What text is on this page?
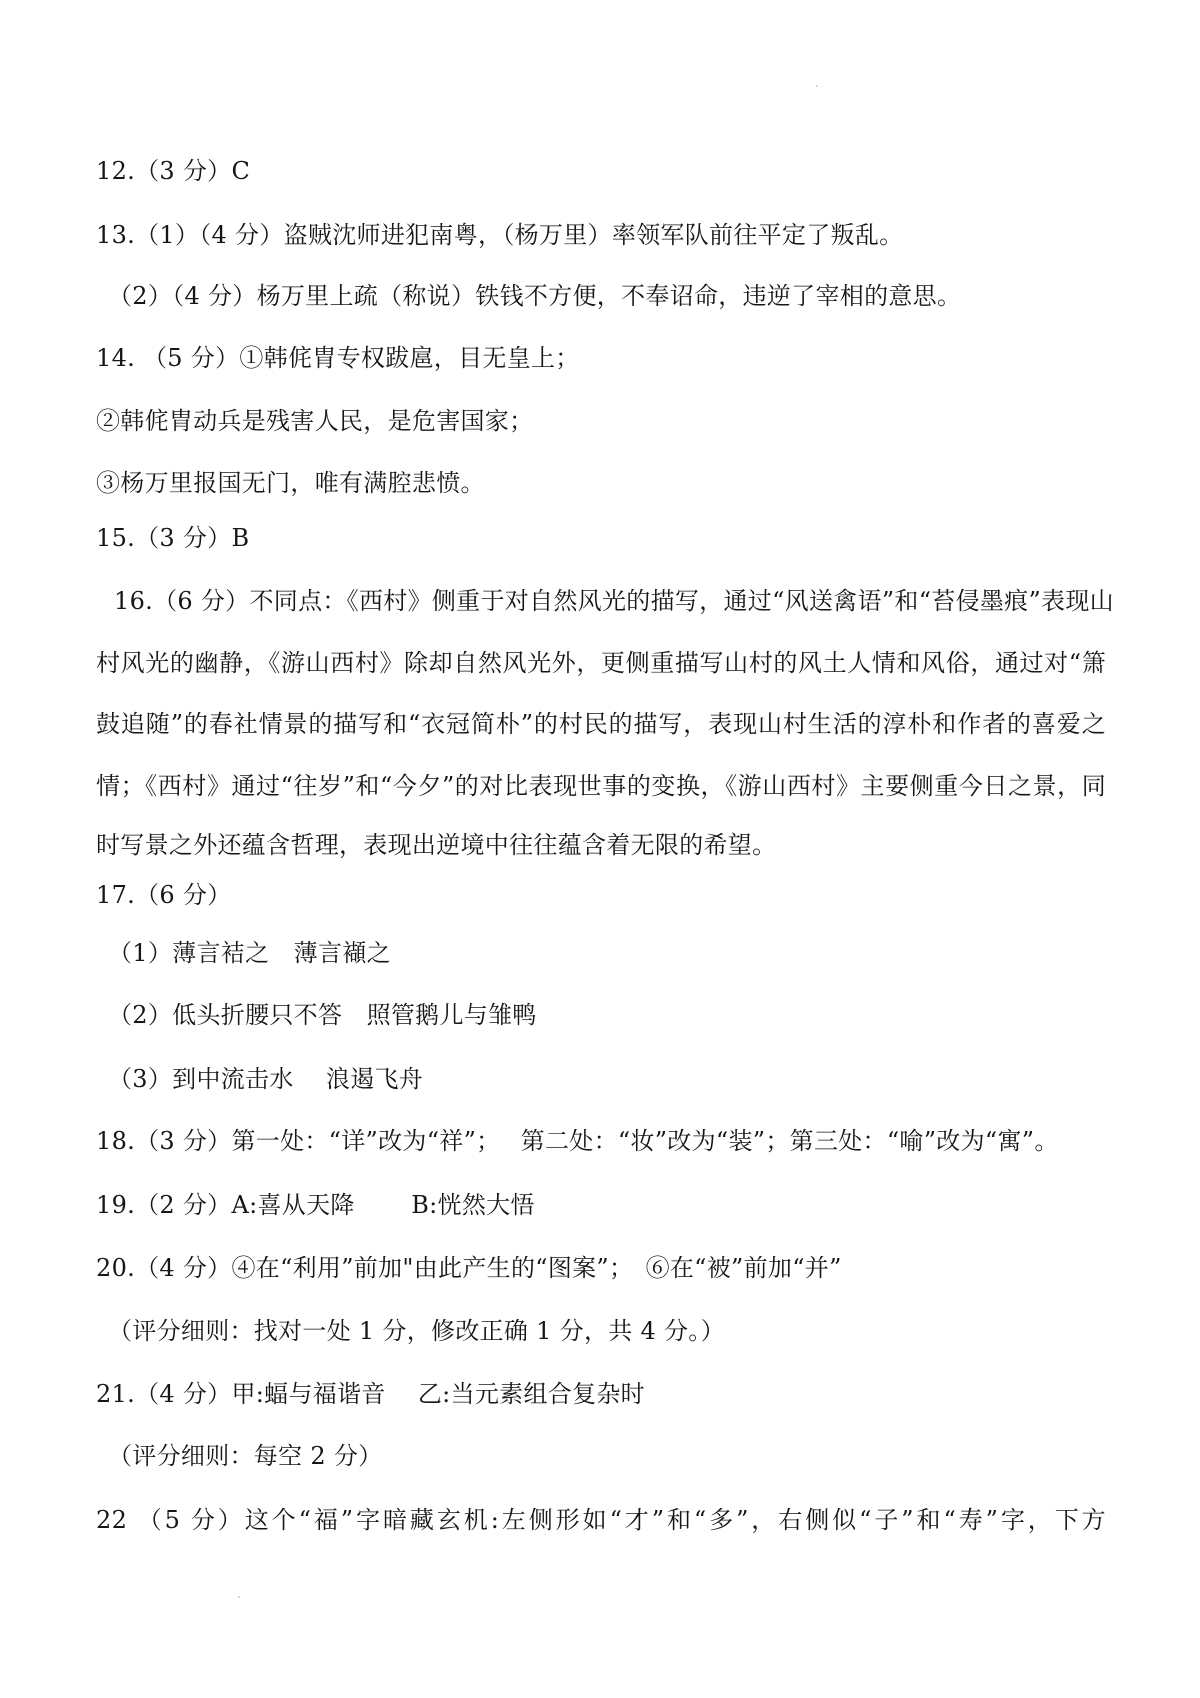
12.（3 分）C
13.（1）（4 分）盗贼沈师进犯南粤，（杨万里）率领军队前往平定了叛乱。
（2）（4 分）杨万里上疏（称说）铁钱不方便，不奉诏命，违逆了宰相的意思。
14. （5 分）①韩侂胄专权跋扈，目无皇上；
②韩侂胄动兵是残害人民，是危害国家；
③杨万里报国无门，唯有满腔悲愤。
15.（3 分）B
16.（6 分）不同点：《西村》侧重于对自然风光的描写，通过“风送禽语”和“苔侵墨痕”表现山
村风光的幽静，《游山西村》除却自然风光外，更侧重描写山村的风土人情和风俗，通过对“箫
鼓追随”的春社情景的描写和“衣冠简朴”的村民的描写，表现山村生活的淳朴和作者的喜爱之
情；《西村》通过“往岁”和“今夕”的对比表现世事的变换，《游山西村》主要侧重今日之景，同
时写景之外还蕴含哲理，表现出逆境中往往蕴含着无限的希望。
17.（6 分）
（1）薄言袺之　薄言襭之
（2）低头折腰只不答　照管鹅儿与雏鸭
（3）到中流击水　 浪遏飞舟
18.（3 分）第一处：“详”改为“祥”；　 第二处：“妆”改为“装”；第三处：“喻”改为“寓”。
19.（2 分）A:喜从天降　　 B:恍然大悟
20.（4 分）④在“利用”前加"由此产生的“图案”；　⑥在“被”前加“并”
（评分细则：找对一处 1 分，修改正确 1 分，共 4 分。）
21.（4 分）甲:蝠与福谐音　 乙:当元素组合复杂时
（评分细则：每空 2 分）
22 （5 分）这个“福”字暗藏玄机:左侧形如“才”和“多”，右侧似“子”和“寿”字，下方
